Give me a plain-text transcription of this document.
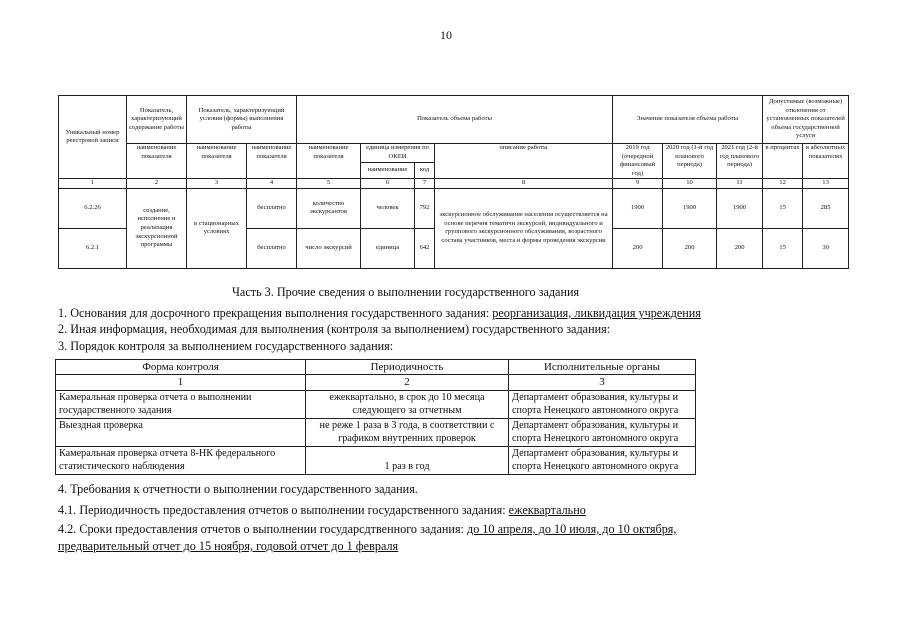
10
Уникальный номер реестровой записи	Показатель, характеризующий содержание работы	Показатель, характеризующий условия (формы) выполнения работы		Показатель объема работы				Значение показателя объема работы			Допустимые (возможные) отклонения от установленных показателей объема государственной услуги	
	наименование показателя	наименование показателя	наименование показателя	наименование показателя	единица измерения по ОКЕИ		описание работы	2019 год (очередной финансовый год)	2020 год (1-й год планового периода)	2021 год (2-й год планового периода)	в процентах	в абсолютных показателях
					наименование	код						
1	2	3	4	5	6	7	8	9	10	11	12	13
6.2.26	создание, исполнение и реализация экскурсионной программы	в стационарных условиях	бесплатно	количество экскурсантов	человек	792	экскурсионное обслуживание населения осуществляется на основе перечня тематичн экскурсий, индивидуального и группового экскурсионного обслуживания, возрастного состава участников, места и формы проведения экскурсии	1900	1900	1900	15	285
6.2.1			бесплатно	число экскурсий	единица	642		200	200	200	15	30
Часть 3. Прочие сведения о выполнении государственного задания
1. Основания для досрочного прекращения выполнения государственного задания: реорганизация, ликвидация учреждения
2. Иная информация, необходимая для выполнения (контроля за выполнением) государственного задания:
3. Порядок контроля за выполнением государственного задания:
Форма контроля	Периодичность	Исполнительные органы
1	2	3
Камеральная проверка отчета о выполнении государственного задания	ежеквартально, в срок до 10 месяца следующего за отчетным	Департамент образования, культуры и спорта Ненецкого автономного округа
Выездная проверка	не реже 1 раза в 3 года, в соответствии с графиком внутренних проверок	Департамент образования, культуры и спорта Ненецкого автономного округа
Камеральная проверка отчета 8-НК федерального статистического наблюдения	1 раз в год	Департамент образования, культуры и спорта Ненецкого автономного округа
4. Требования к отчетности о выполнении государственного задания.
4.1. Периодичность предоставления отчетов о выполнении государственного задания: ежеквартально
4.2. Сроки предоставления отчетов о выполнении государсдтвенного задания: до 10 апреля, до 10 июля, до 10 октября,
предварительный отчет до 15 ноября, годовой отчет до 1 февраля
